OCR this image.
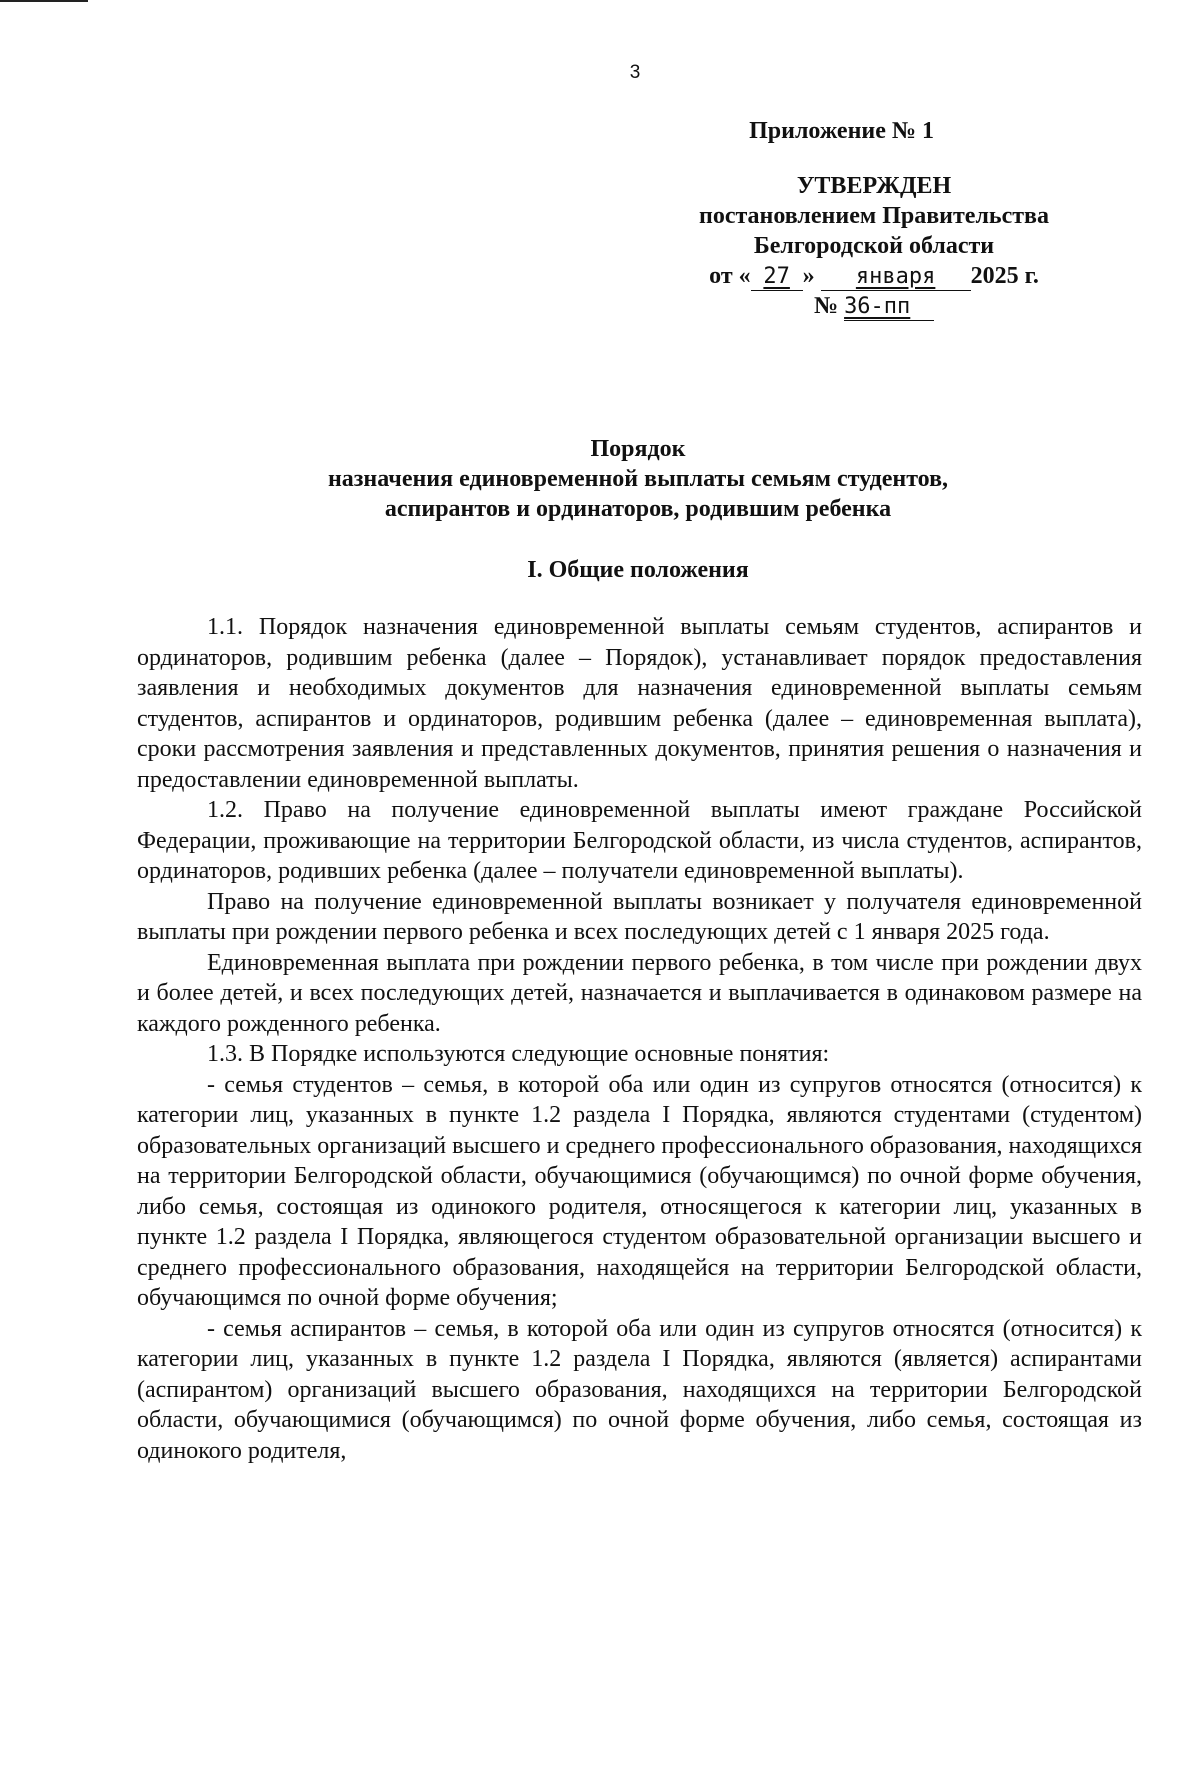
3

Приложение № 1

УТВЕРЖДЕН

постановлением Правительства

Белгородской области

от « 27 » января 2025 г.

№ 36-пп

Порядок

назначения единовременной выплаты семьям студентов,

аспирантов и ординаторов, родившим ребенка

I. Общие положения

1.1. Порядок назначения единовременной выплаты семьям студентов, аспирантов и ординаторов, родившим ребенка (далее – Порядок), устанавливает порядок предоставления заявления и необходимых документов для назначения единовременной выплаты семьям студентов, аспирантов и ординаторов, родившим ребенка (далее – единовременная выплата), сроки рассмотрения заявления и представленных документов, принятия решения о назначения и предоставлении единовременной выплаты.

1.2. Право на получение единовременной выплаты имеют граждане Российской Федерации, проживающие на территории Белгородской области, из числа студентов, аспирантов, ординаторов, родивших ребенка (далее – получатели единовременной выплаты).

Право на получение единовременной выплаты возникает у получателя единовременной выплаты при рождении первого ребенка и всех последующих детей с 1 января 2025 года.

Единовременная выплата при рождении первого ребенка, в том числе при рождении двух и более детей, и всех последующих детей, назначается и выплачивается в одинаковом размере на каждого рожденного ребенка.

1.3. В Порядке используются следующие основные понятия:

- семья студентов – семья, в которой оба или один из супругов относятся (относится) к категории лиц, указанных в пункте 1.2 раздела I Порядка, являются студентами (студентом) образовательных организаций высшего и среднего профессионального образования, находящихся на территории Белгородской области, обучающимися (обучающимся) по очной форме обучения, либо семья, состоящая из одинокого родителя, относящегося к категории лиц, указанных в пункте 1.2 раздела I Порядка, являющегося студентом образовательной организации высшего и среднего профессионального образования, находящейся на территории Белгородской области, обучающимся по очной форме обучения;

- семья аспирантов – семья, в которой оба или один из супругов относятся (относится) к категории лиц, указанных в пункте 1.2 раздела I Порядка, являются (является) аспирантами (аспирантом) организаций высшего образования, находящихся на территории Белгородской области, обучающимися (обучающимся) по очной форме обучения, либо семья, состоящая из одинокого родителя,
